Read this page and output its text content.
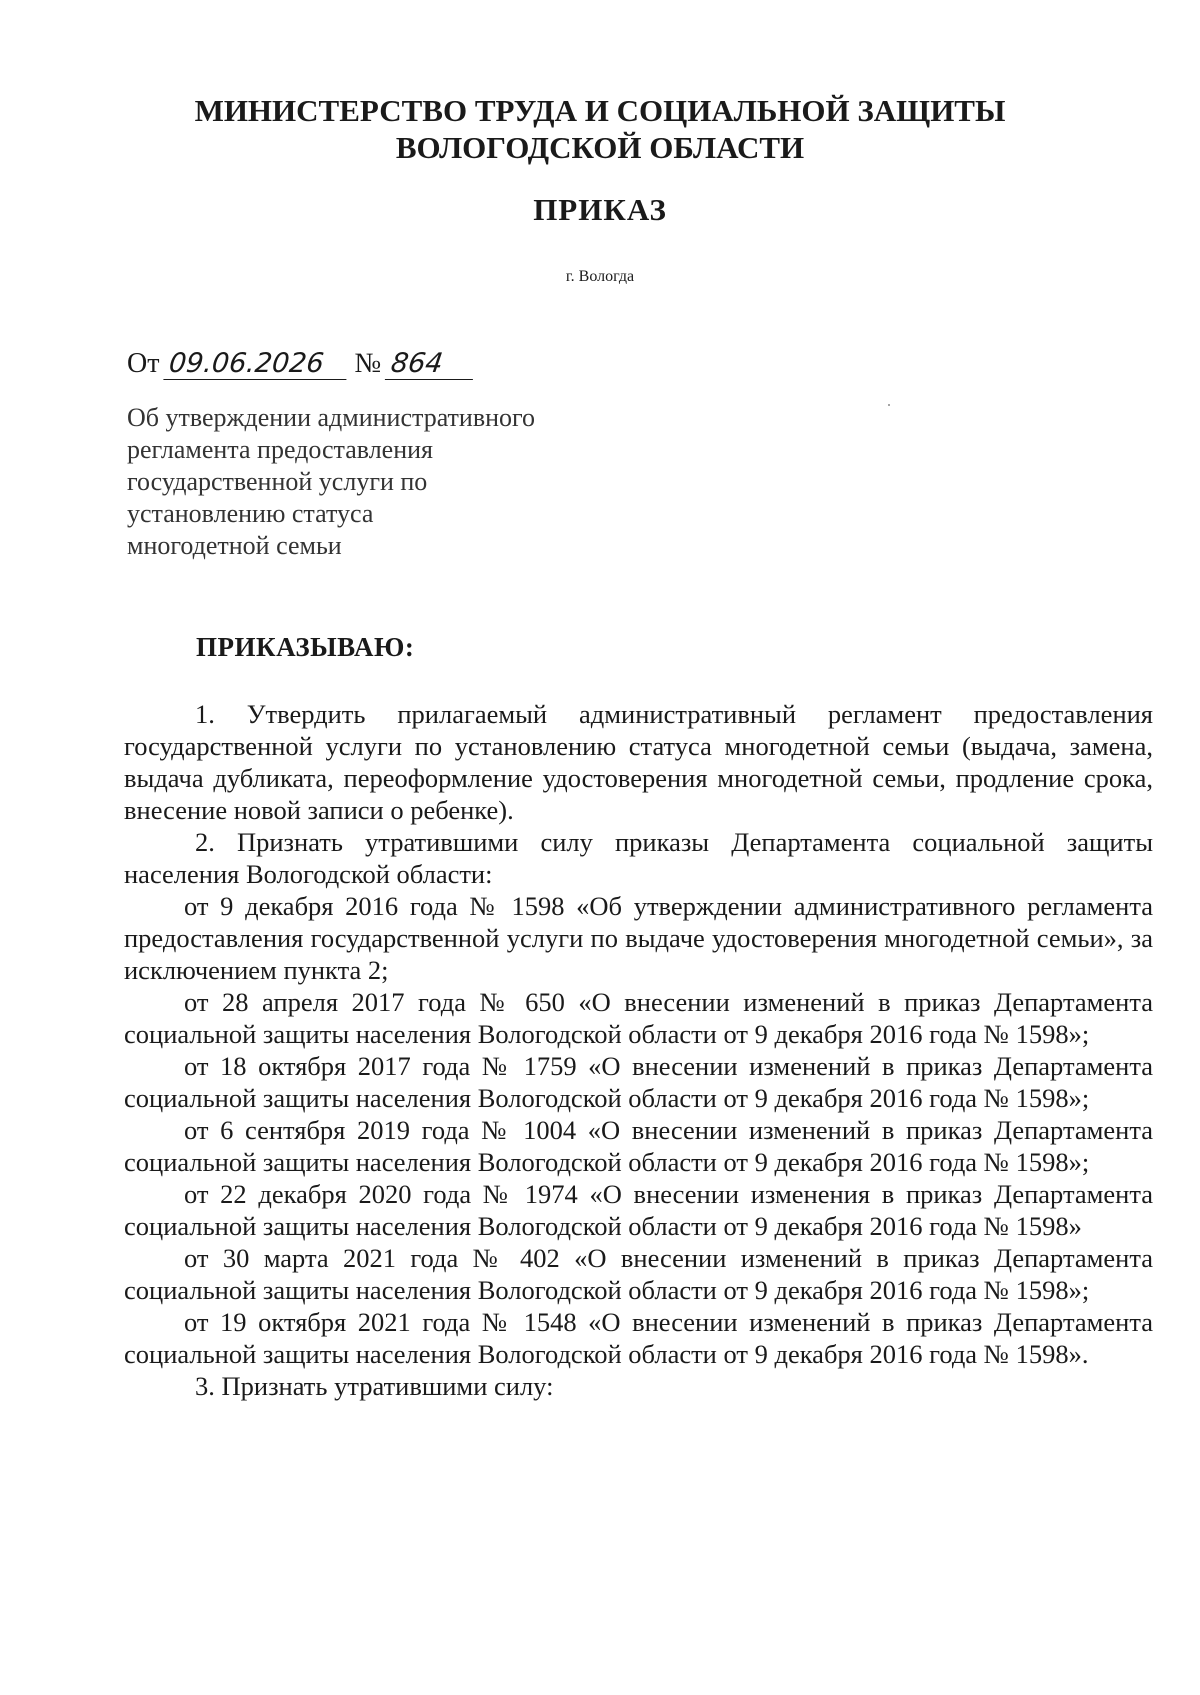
МИНИСТЕРСТВО ТРУДА И СОЦИАЛЬНОЙ ЗАЩИТЫ
ВОЛОГОДСКОЙ ОБЛАСТИ
ПРИКАЗ
г. Вологда
От 09.06.2026	№ 864
Об утверждении административного
регламента предоставления
государственной услуги по
установлению статуса
многодетной семьи
ПРИКАЗЫВАЮ:

1. Утвердить прилагаемый административный регламент предоставления государственной услуги по установлению статуса многодетной семьи (выдача, замена, выдача дубликата, переоформление удостоверения многодетной семьи, продление срока, внесение новой записи о ребенке).

2. Признать утратившими силу приказы Департамента социальной защиты населения Вологодской области:

от 9 декабря 2016 года № 1598 «Об утверждении административного регламента предоставления государственной услуги по выдаче удостоверения многодетной семьи», за исключением пункта 2;

от 28 апреля 2017 года № 650 «О внесении изменений в приказ Департамента социальной защиты населения Вологодской области от 9 декабря 2016 года № 1598»;

от 18 октября 2017 года № 1759 «О внесении изменений в приказ Департамента социальной защиты населения Вологодской области от 9 декабря 2016 года № 1598»;

от 6 сентября 2019 года № 1004 «О внесении изменений в приказ Департамента социальной защиты населения Вологодской области от 9 декабря 2016 года № 1598»;

от 22 декабря 2020 года № 1974 «О внесении изменения в приказ Департамента социальной защиты населения Вологодской области от 9 декабря 2016 года № 1598»

от 30 марта 2021 года № 402 «О внесении изменений в приказ Департамента социальной защиты населения Вологодской области от 9 декабря 2016 года № 1598»;

от 19 октября 2021 года № 1548 «О внесении изменений в приказ Департамента социальной защиты населения Вологодской области от 9 декабря 2016 года № 1598».

3. Признать утратившими силу:
